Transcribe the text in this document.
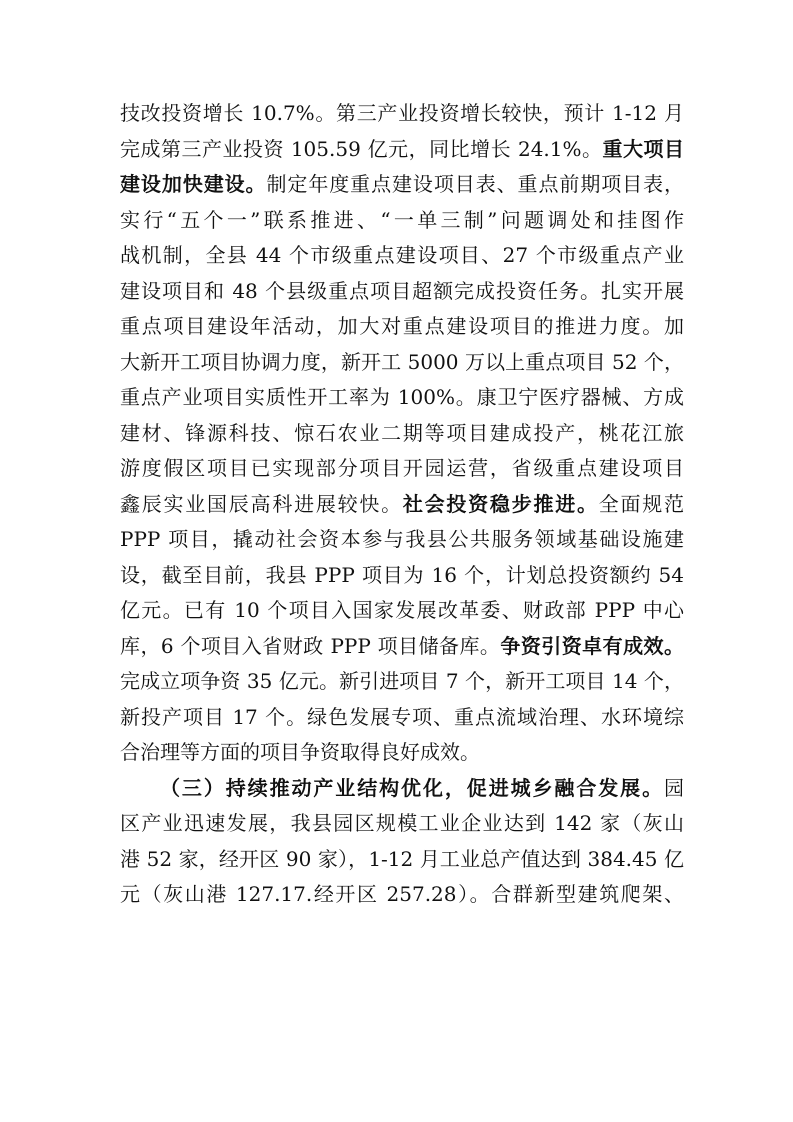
技改投资增长 10.7%。第三产业投资增长较快，预计 1-12 月
完成第三产业投资 105.59 亿元，同比增长 24.1%。重大项目
建设加快建设。制定年度重点建设项目表、重点前期项目表，
实行“五个一”联系推进、“一单三制”问题调处和挂图作
战机制，全县 44 个市级重点建设项目、27 个市级重点产业
建设项目和 48 个县级重点项目超额完成投资任务。扎实开展
重点项目建设年活动，加大对重点建设项目的推进力度。加
大新开工项目协调力度，新开工 5000 万以上重点项目 52 个，
重点产业项目实质性开工率为 100%。康卫宁医疗器械、方成
建材、锋源科技、惊石农业二期等项目建成投产，桃花江旅
游度假区项目已实现部分项目开园运营，省级重点建设项目
鑫辰实业国辰高科进展较快。社会投资稳步推进。全面规范
PPP 项目，撬动社会资本参与我县公共服务领域基础设施建
设，截至目前，我县 PPP 项目为 16 个，计划总投资额约 54
亿元。已有 10 个项目入国家发展改革委、财政部 PPP 中心
库，6 个项目入省财政 PPP 项目储备库。争资引资卓有成效。
完成立项争资 35 亿元。新引进项目 7 个，新开工项目 14 个，
新投产项目 17 个。绿色发展专项、重点流域治理、水环境综
合治理等方面的项目争资取得良好成效。
（三）持续推动产业结构优化，促进城乡融合发展。园
区产业迅速发展，我县园区规模工业企业达到 142 家（灰山
港 52 家，经开区 90 家），1-12 月工业总产值达到 384.45 亿
元（灰山港 127.17.经开区 257.28）。合群新型建筑爬架、
